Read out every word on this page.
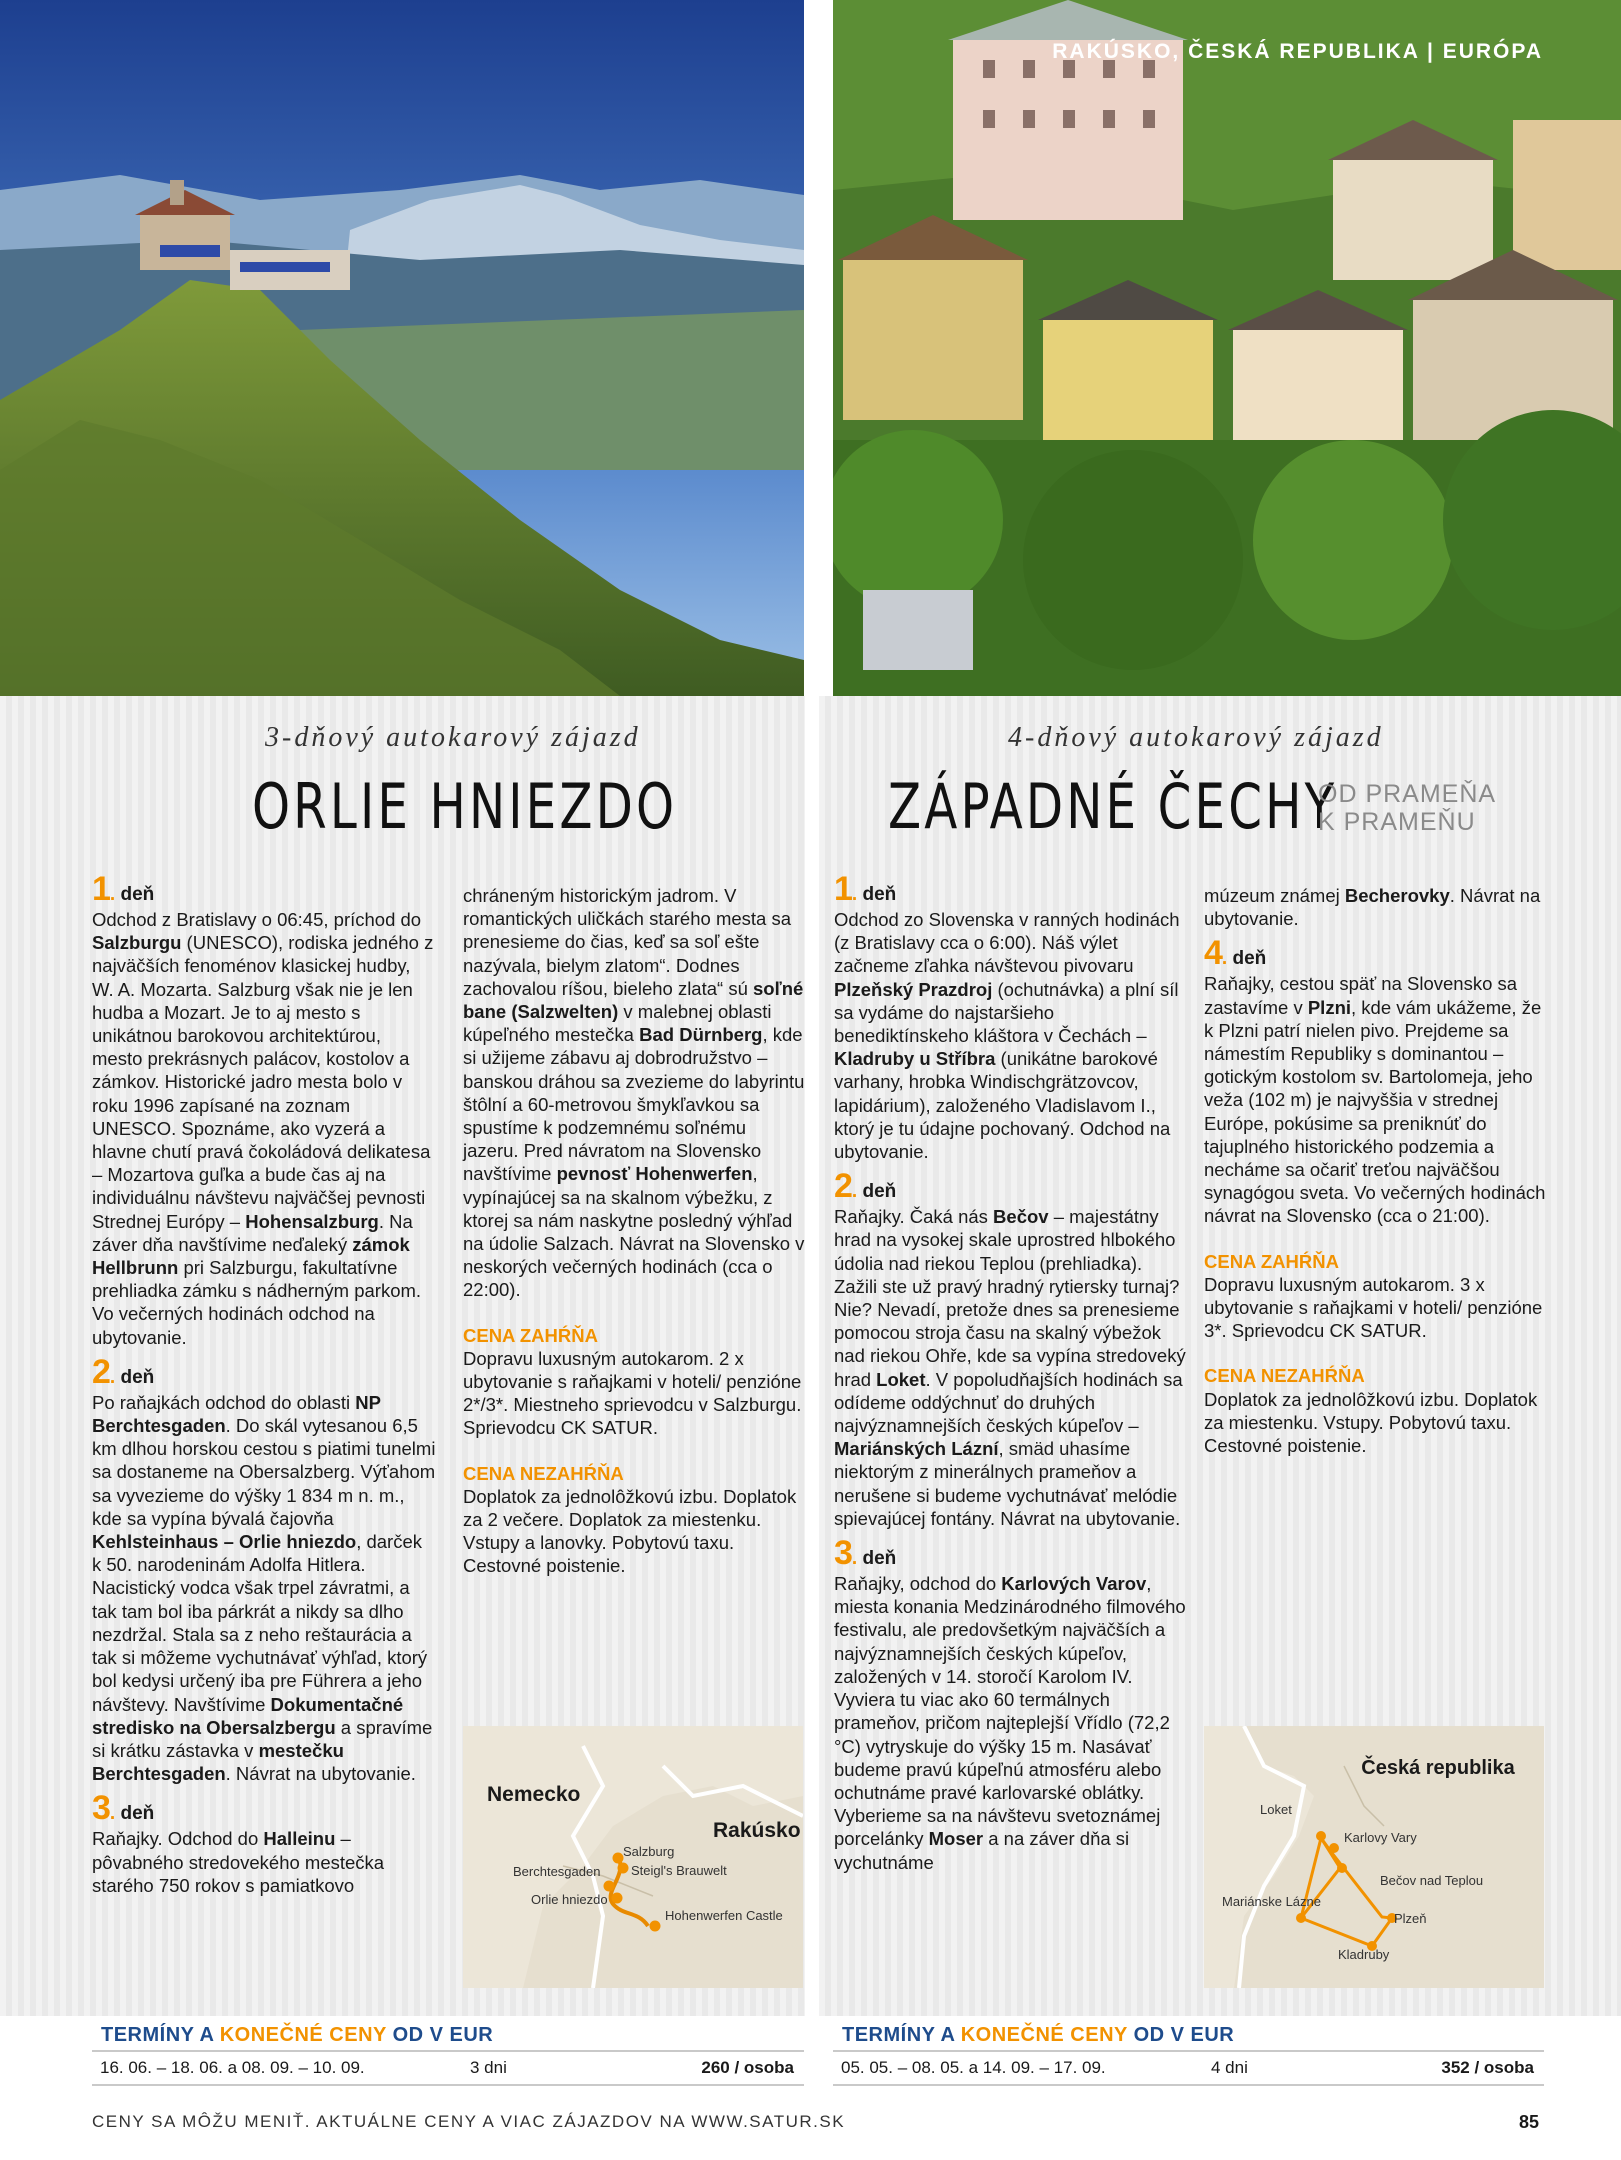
RAKÚSKO, ČESKÁ REPUBLIKA | EURÓPA
3-dňový autokarový zájazd
ORLIE HNIEZDO
4-dňový autokarový zájazd
ZÁPADNÉ ČECHY
OD PRAMEŇA
K PRAMEŇU

1. deň

Odchod z Bratislavy o 06:45, príchod do Salzburgu (UNESCO), rodiska jedného z najväčších fenoménov klasickej hudby, W. A. Mozarta. Salzburg však nie je len hudba a Mozart. Je to aj mesto s unikátnou barokovou architektúrou, mesto prekrásnych palácov, kostolov a zámkov. Historické jadro mesta bolo v roku 1996 zapísané na zoznam UNESCO. Spoznáme, ako vyzerá a hlavne chutí pravá čokoládová delikatesa – Mozartova guľka a bude čas aj na individuálnu návštevu najväčšej pevnosti Strednej Európy – Hohensalzburg. Na záver dňa navštívime neďaleký zámok Hellbrunn pri Salzburgu, fakultatívne prehliadka zámku s nádherným parkom. Vo večerných hodinách odchod na ubytovanie.

2. deň

Po raňajkách odchod do oblasti NP Berchtesgaden. Do skál vytesanou 6,5 km dlhou horskou cestou s piatimi tunelmi sa dostaneme na Obersalzberg. Výťahom sa vyvezieme do výšky 1 834 m n. m., kde sa vypína bývalá čajovňa Kehlsteinhaus – Orlie hniezdo, darček k 50. narodeninám Adolfa Hitlera. Nacistický vodca však trpel závratmi, a tak tam bol iba párkrát a nikdy sa dlho nezdržal. Stala sa z neho reštaurácia a tak si môžeme vychutnávať výhľad, ktorý bol kedysi určený iba pre Führera a jeho návštevy. Navštívime Dokumentačné stredisko na Obersalzbergu a spravíme si krátku zástavka v mestečku Berchtesgaden. Návrat na ubytovanie.

3. deň

Raňajky. Odchod do Halleinu – pôvabného stredovekého mestečka starého 750 rokov s pamiatkovo

chráneným historickým jadrom. V romantických uličkách starého mesta sa prenesieme do čias, keď sa soľ ešte nazývala, bielym zlatom“. Dodnes zachovalou ríšou, bieleho zlata“ sú soľné bane (Salzwelten) v malebnej oblasti kúpeľného mestečka Bad Dürnberg, kde si užijeme zábavu aj dobrodružstvo – banskou dráhou sa zvezieme do labyrintu štôlní a 60-metrovou šmykľavkou sa spustíme k podzemnému soľnému jazeru. Pred návratom na Slovensko navštívime pevnosť Hohenwerfen, vypínajúcej sa na skalnom výbežku, z ktorej sa nám naskytne posledný výhľad na údolie Salzach. Návrat na Slovensko v neskorých večerných hodinách (cca o 22:00).

CENA ZAHŔŇA

Dopravu luxusným autokarom. 2 x ubytovanie s raňajkami v hoteli/ penzióne 2*/3*. Miestneho sprievodcu v Salzburgu. Sprievodcu CK SATUR.

CENA NEZAHŔŇA

Doplatok za jednolôžkovú izbu. Doplatok za 2 večere. Doplatok za miestenku. Vstupy a lanovky. Pobytovú taxu. Cestovné poistenie.

1. deň

Odchod zo Slovenska v ranných hodinách (z Bratislavy cca o 6:00). Náš výlet začneme zľahka návštevou pivovaru Plzeňský Prazdroj (ochutnávka) a plní síl sa vydáme do najstaršieho benediktínskeho kláštora v Čechách – Kladruby u Stříbra (unikátne barokové varhany, hrobka Windischgrätzovcov, lapidárium), založeného Vladislavom I., ktorý je tu údajne pochovaný. Odchod na ubytovanie.

2. deň

Raňajky. Čaká nás Bečov – majestátny hrad na vysokej skale uprostred hlbokého údolia nad riekou Teplou (prehliadka). Zažili ste už pravý hradný rytiersky turnaj? Nie? Nevadí, pretože dnes sa prenesieme pomocou stroja času na skalný výbežok nad riekou Ohře, kde sa vypína stredoveký hrad Loket. V popoludňajších hodinách sa odídeme oddýchnuť do druhých najvýznamnejších českých kúpeľov – Mariánských Lázní, smäd uhasíme niektorým z minerálnych prameňov a nerušene si budeme vychutnávať melódie spievajúcej fontány. Návrat na ubytovanie.

3. deň

Raňajky, odchod do Karlových Varov, miesta konania Medzinárodného filmového festivalu, ale predovšetkým najväčších a najvýznamnejších českých kúpeľov, založených v 14. storočí Karolom IV. Vyviera tu viac ako 60 termálnych prameňov, pričom najteplejší Vřídlo (72,2 °C) vytryskuje do výšky 15 m. Nasávať budeme pravú kúpeľnú atmosféru alebo ochutnáme pravé karlovarské oblátky. Vyberieme sa na návštevu svetoznámej porcelánky Moser a na záver dňa si vychutnáme

múzeum známej Becherovky. Návrat na ubytovanie.

4. deň

Raňajky, cestou späť na Slovensko sa zastavíme v Plzni, kde vám ukážeme, že k Plzni patrí nielen pivo. Prejdeme sa námestím Republiky s dominantou – gotickým kostolom sv. Bartolomeja, jeho veža (102 m) je najvyššia v strednej Európe, pokúsime sa preniknúť do tajuplného historického podzemia a necháme sa očariť treťou najväčšou synagógou sveta. Vo večerných hodinách návrat na Slovensko (cca o 21:00).

CENA ZAHŔŇA

Dopravu luxusným autokarom. 3 x ubytovanie s raňajkami v hoteli/ penzióne 3*. Sprievodcu CK SATUR.

CENA NEZAHŔŇA

Doplatok za jednolôžkovú izbu. Doplatok za miestenku. Vstupy. Pobytovú taxu. Cestovné poistenie.

Nemecko
Rakúsko
Salzburg
Steigl's Brauwelt
Berchtesgaden
Orlie hniezdo
Hohenwerfen Castle
Česká republika
Loket
Karlovy Vary
Bečov nad Teplou
Mariánske Lázne
Plzeň
Kladruby
TERMÍNY A KONEČNÉ CENY OD V EUR	TERMÍNY A KONEČNÉ CENY OD V EUR
16. 06. – 18. 06. a 08. 09. – 10. 09.	3 dni	260 / osoba	05. 05. – 08. 05. a 14. 09. – 17. 09.	4 dni	352 / osoba
CENY SA MÔŽU MENIŤ. AKTUÁLNE CENY A VIAC ZÁJAZDOV NA WWW.SATUR.SK	85
